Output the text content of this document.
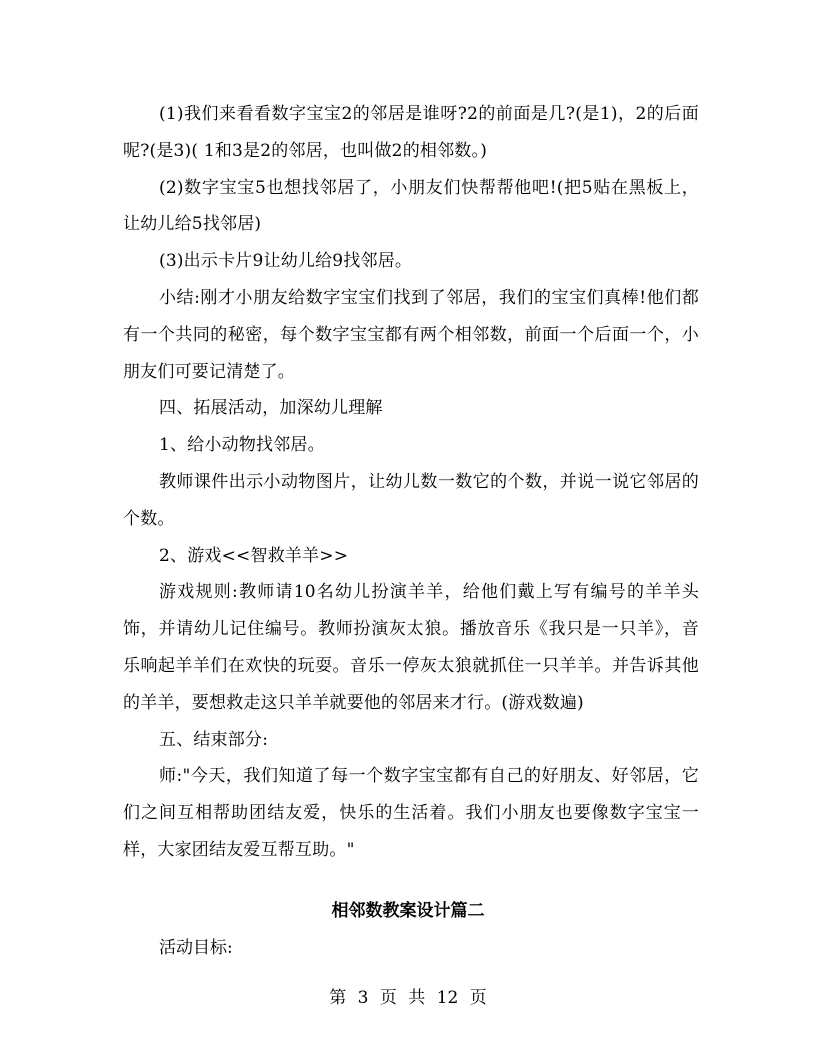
(1)我们来看看数字宝宝2的邻居是谁呀?2的前面是几?(是1)，2的后面呢?(是3)( 1和3是2的邻居，也叫做2的相邻数。)

(2)数字宝宝5也想找邻居了，小朋友们快帮帮他吧!(把5贴在黑板上，让幼儿给5找邻居)

(3)出示卡片9让幼儿给9找邻居。

小结:刚才小朋友给数字宝宝们找到了邻居，我们的宝宝们真棒!他们都有一个共同的秘密，每个数字宝宝都有两个相邻数，前面一个后面一个，小朋友们可要记清楚了。

四、拓展活动，加深幼儿理解

1、给小动物找邻居。

教师课件出示小动物图片，让幼儿数一数它的个数，并说一说它邻居的个数。

2、游戏<<智救羊羊>>

游戏规则:教师请10名幼儿扮演羊羊，给他们戴上写有编号的羊羊头饰，并请幼儿记住编号。教师扮演灰太狼。播放音乐《我只是一只羊》，音乐响起羊羊们在欢快的玩耍。音乐一停灰太狼就抓住一只羊羊。并告诉其他的羊羊，要想救走这只羊羊就要他的邻居来才行。(游戏数遍)

五、结束部分:

师:"今天，我们知道了每一个数字宝宝都有自己的好朋友、好邻居，它们之间互相帮助团结友爱，快乐的生活着。我们小朋友也要像数字宝宝一样，大家团结友爱互帮互助。"

相邻数教案设计篇二

活动目标:

第 3 页 共 12 页
